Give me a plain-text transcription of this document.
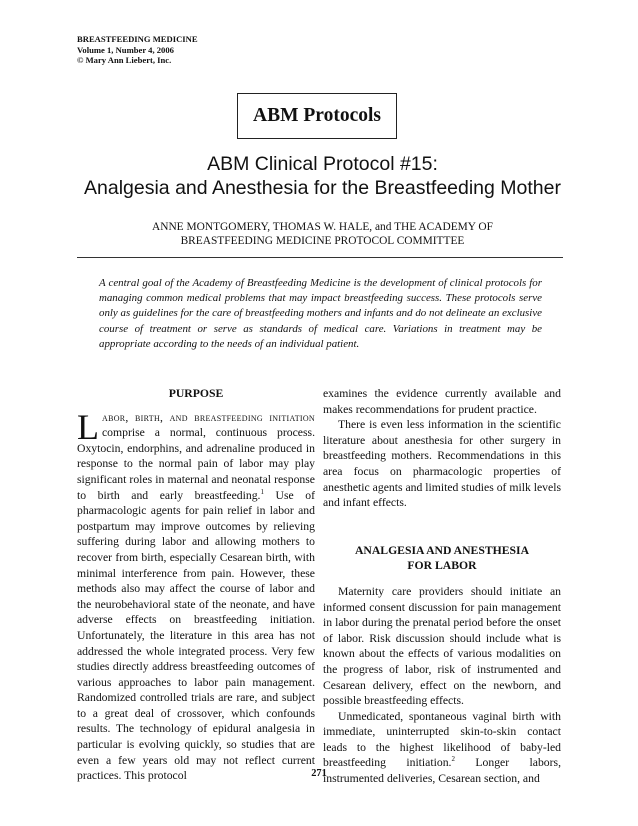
BREASTFEEDING MEDICINE
Volume 1, Number 4, 2006
© Mary Ann Liebert, Inc.
ABM Protocols
ABM Clinical Protocol #15:
Analgesia and Anesthesia for the Breastfeeding Mother
ANNE MONTGOMERY, THOMAS W. HALE, and THE ACADEMY OF
BREASTFEEDING MEDICINE PROTOCOL COMMITTEE
A central goal of the Academy of Breastfeeding Medicine is the development of clinical protocols for managing common medical problems that may impact breastfeeding success. These protocols serve only as guidelines for the care of breastfeeding mothers and infants and do not delineate an exclusive course of treatment or serve as standards of medical care. Variations in treatment may be appropriate according to the needs of an individual patient.
PURPOSE

Labor, birth, and breastfeeding initiation comprise a normal, continuous process. Oxytocin, endorphins, and adrenaline produced in response to the normal pain of labor may play significant roles in maternal and neonatal response to birth and early breastfeeding.$^1$ Use of pharmacologic agents for pain relief in labor and postpartum may improve outcomes by relieving suffering during labor and allowing mothers to recover from birth, especially Cesarean birth, with minimal interference from pain. However, these methods also may affect the course of labor and the neurobehavioral state of the neonate, and have adverse effects on breastfeeding initiation. Unfortunately, the literature in this area has not addressed the whole integrated process. Very few studies directly address breastfeeding outcomes of various approaches to labor pain management. Randomized controlled trials are rare, and subject to a great deal of crossover, which confounds results. The technology of epidural analgesia in particular is evolving quickly, so studies that are even a few years old may not reflect current practices. This protocol

examines the evidence currently available and makes recommendations for prudent practice.

There is even less information in the scientific literature about anesthesia for other surgery in breastfeeding mothers. Recommendations in this area focus on pharmacologic properties of anesthetic agents and limited studies of milk levels and infant effects.

ANALGESIA AND ANESTHESIA
FOR LABOR

Maternity care providers should initiate an informed consent discussion for pain management in labor during the prenatal period before the onset of labor. Risk discussion should include what is known about the effects of various modalities on the progress of labor, risk of instrumented and Cesarean delivery, effect on the newborn, and possible breastfeeding effects.

Unmedicated, spontaneous vaginal birth with immediate, uninterrupted skin-to-skin contact leads to the highest likelihood of baby-led breastfeeding initiation.$^2$ Longer labors, instrumented deliveries, Cesarean section, and

271
